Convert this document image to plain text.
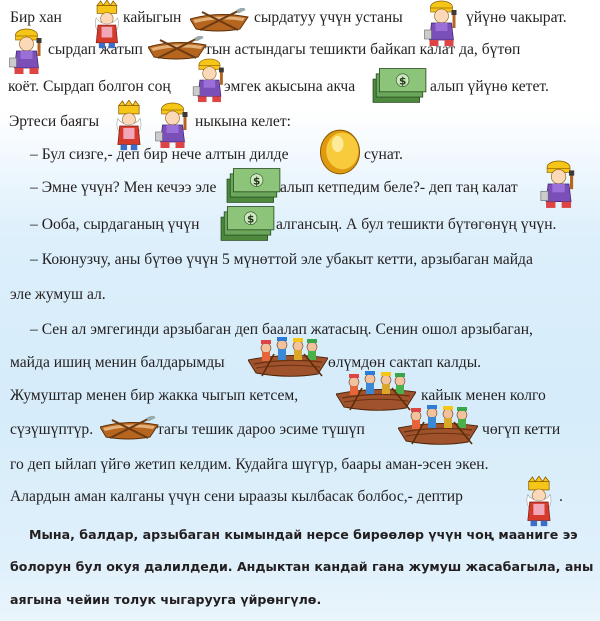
Бир хан	кайыгын	сырдатуу үчүн устаны	үйүнө чакырат.
сырдап жатып	тын астындагы тешикти байкап калат да, бүтөп
коёт. Сырдап болгон соң	эмгек акысына акча	алып үйүнө кетет.
Эртеси баягы	ныкына келет:
– Бул сизге,- деп бир нече алтын дилде	сунат.
– Эмне үчүн? Мен кечээ эле	алып кетпедим беле?- деп таң калат
– Ооба, сырдаганың үчүн	алгансың. А бул тешикти бүтөгөнүң үчүн.
– Коюнузчу, аны бүтөө үчүн 5 мүнөттой эле убакыт кетти, арзыбаган майда
эле жумуш ал.
– Сен ал эмгегинди арзыбаган деп баалап жатасың. Сенин ошол арзыбаган,
майда ишиң менин балдарымды	өлүмдөн сактап калды.
Жумуштар менен бир жакка чыгып кетсем,	кайык менен колго
сүзүшүптүр.	тагы тешик дароо эсиме түшүп	чөгүп кетти
го деп ыйлап үйгө жетип келдим. Кудайга шүгүр, бaары аман-эсен экен.
Алардын аман калганы үчүн сени ыраазы кылбасак болбос,- дептир	.
Мына, балдар, арзыбаган кымындай нерсе бирөөлөр үчүн чоң мааниге ээ
болорун бул окуя далилдеди. Андыктан кандай гана жумуш жасабагыла, аны
аягына чейин толук чыгарууга үйрөнгүлө.
